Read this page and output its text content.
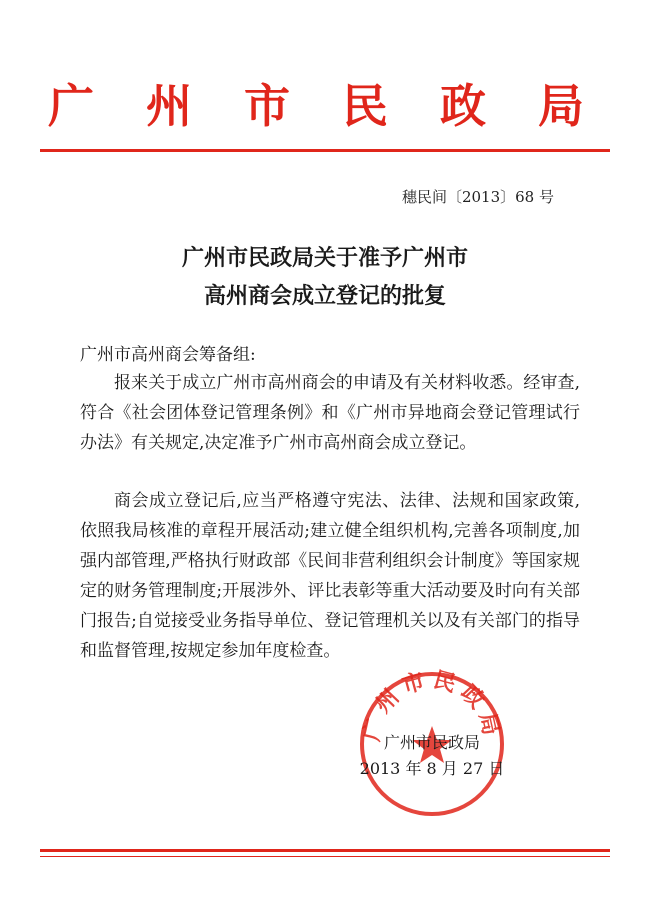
广 州 市 民 政 局
穗民间〔2013〕68 号
广州市民政局关于准予广州市
高州商会成立登记的批复
广州市高州商会筹备组:
报来关于成立广州市高州商会的申请及有关材料收悉。经审查,符合《社会团体登记管理条例》和《广州市异地商会登记管理试行办法》有关规定,决定准予广州市高州商会成立登记。
商会成立登记后,应当严格遵守宪法、法律、法规和国家政策,依照我局核准的章程开展活动;建立健全组织机构,完善各项制度,加强内部管理,严格执行财政部《民间非营利组织会计制度》等国家规定的财务管理制度;开展涉外、评比表彰等重大活动要及时向有关部门报告;自觉接受业务指导单位、登记管理机关以及有关部门的指导和监督管理,按规定参加年度检查。
广州市民政局
广州市民政局
2013 年 8 月 27 日
